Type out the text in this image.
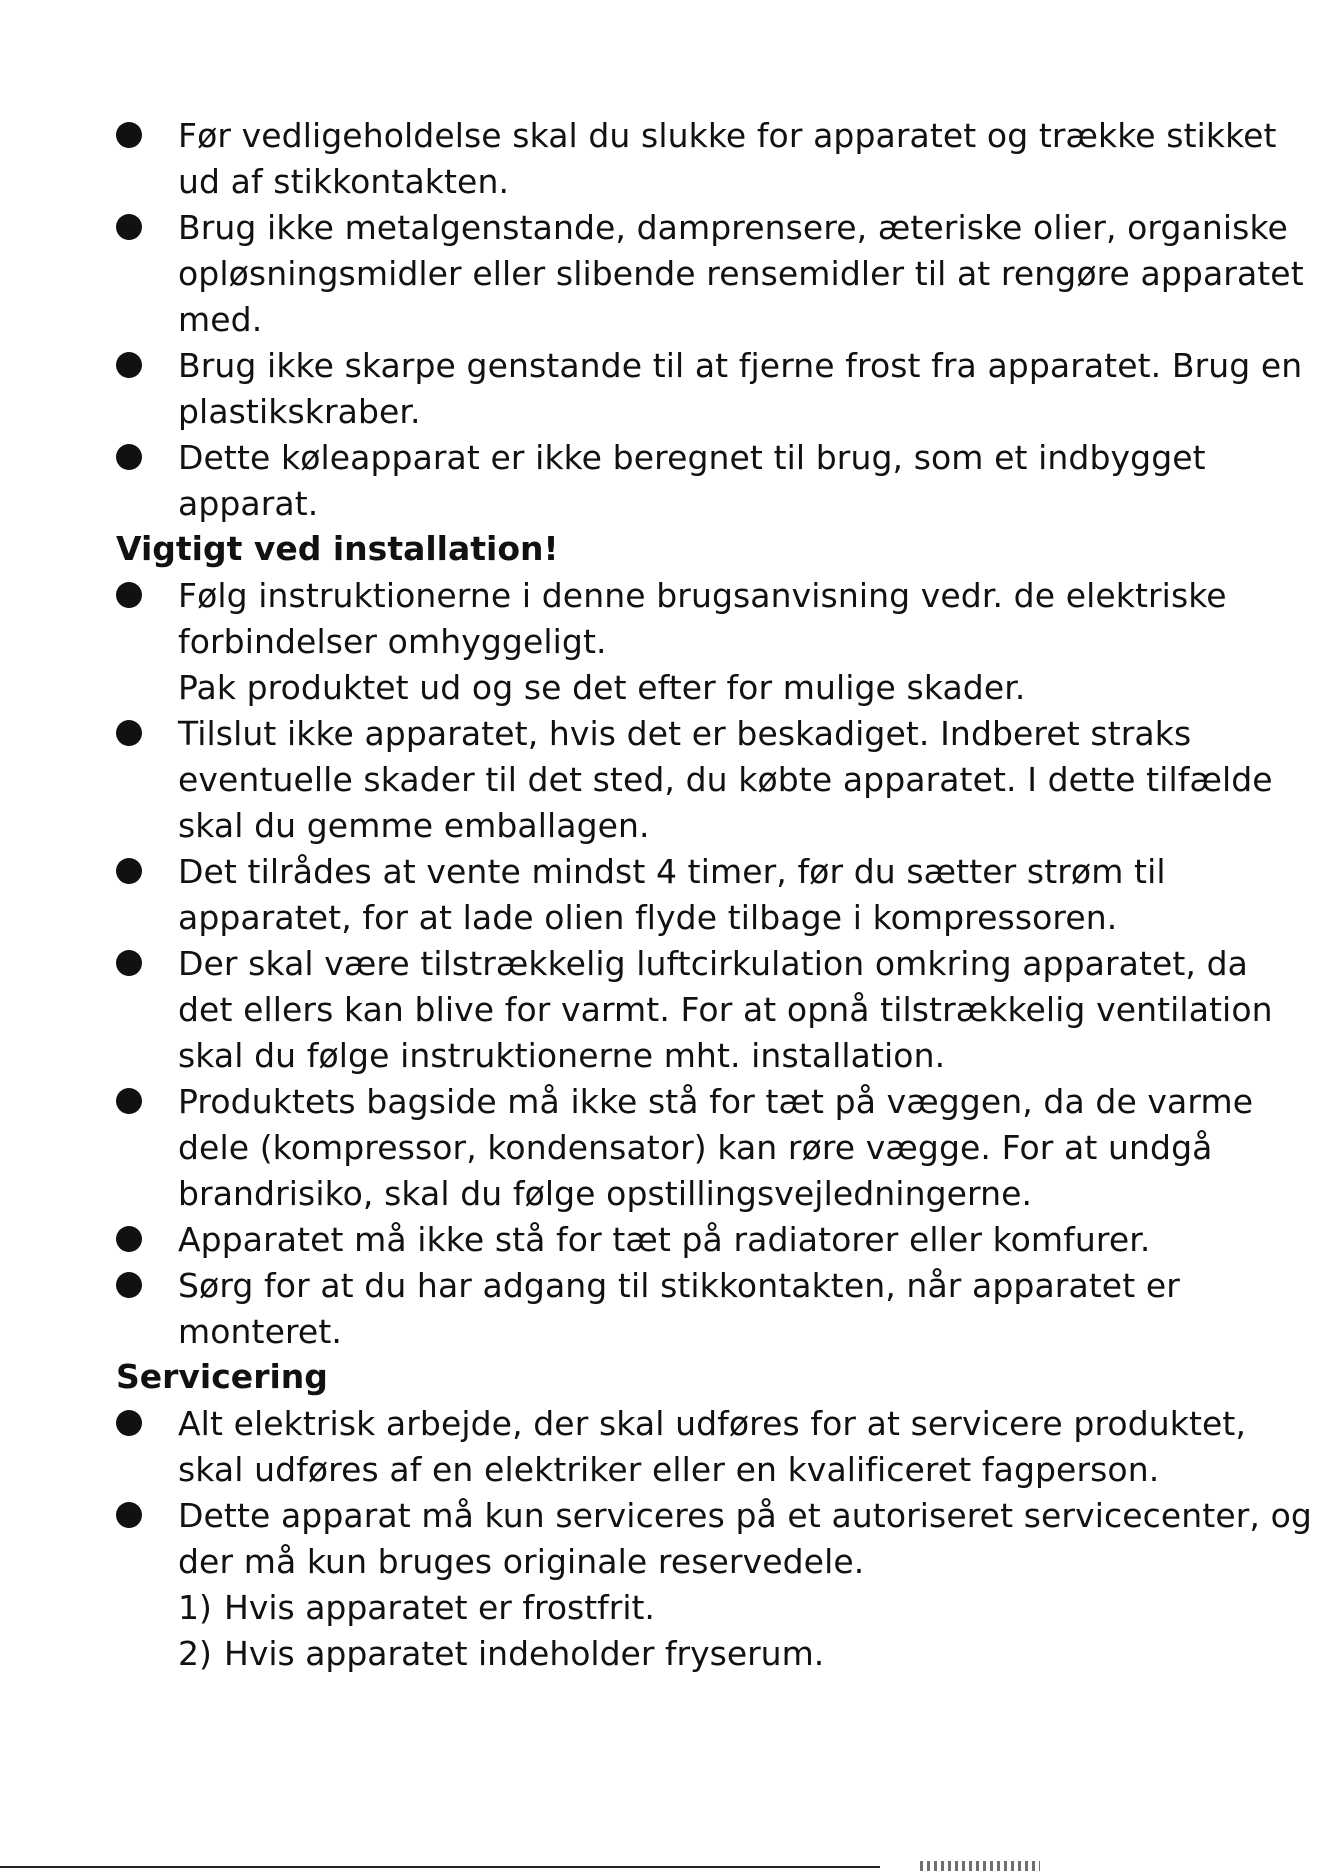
Før vedligeholdelse skal du slukke for apparatet og trække stikket
ud af stikkontakten.
Brug ikke metalgenstande, damprensere, æteriske olier, organiske
opløsningsmidler eller slibende rensemidler til at rengøre apparatet
med.
Brug ikke skarpe genstande til at fjerne frost fra apparatet. Brug en
plastikskraber.
Dette køleapparat er ikke beregnet til brug, som et indbygget
apparat.
Vigtigt ved installation!
Følg instruktionerne i denne brugsanvisning vedr. de elektriske
forbindelser omhyggeligt.
Pak produktet ud og se det efter for mulige skader.
Tilslut ikke apparatet, hvis det er beskadiget. Indberet straks
eventuelle skader til det sted, du købte apparatet. I dette tilfælde
skal du gemme emballagen.
Det tilrådes at vente mindst 4 timer, før du sætter strøm til
apparatet, for at lade olien flyde tilbage i kompressoren.
Der skal være tilstrækkelig luftcirkulation omkring apparatet, da
det ellers kan blive for varmt. For at opnå tilstrækkelig ventilation
skal du følge instruktionerne mht. installation.
Produktets bagside må ikke stå for tæt på væggen, da de varme
dele (kompressor, kondensator) kan røre vægge. For at undgå
brandrisiko, skal du følge opstillingsvejledningerne.
Apparatet må ikke stå for tæt på radiatorer eller komfurer.
Sørg for at du har adgang til stikkontakten, når apparatet er
monteret.
Servicering
Alt elektrisk arbejde, der skal udføres for at servicere produktet,
skal udføres af en elektriker eller en kvalificeret fagperson.
Dette apparat må kun serviceres på et autoriseret servicecenter, og
der må kun bruges originale reservedele.
1) Hvis apparatet er frostfrit.
2) Hvis apparatet indeholder fryserum.
